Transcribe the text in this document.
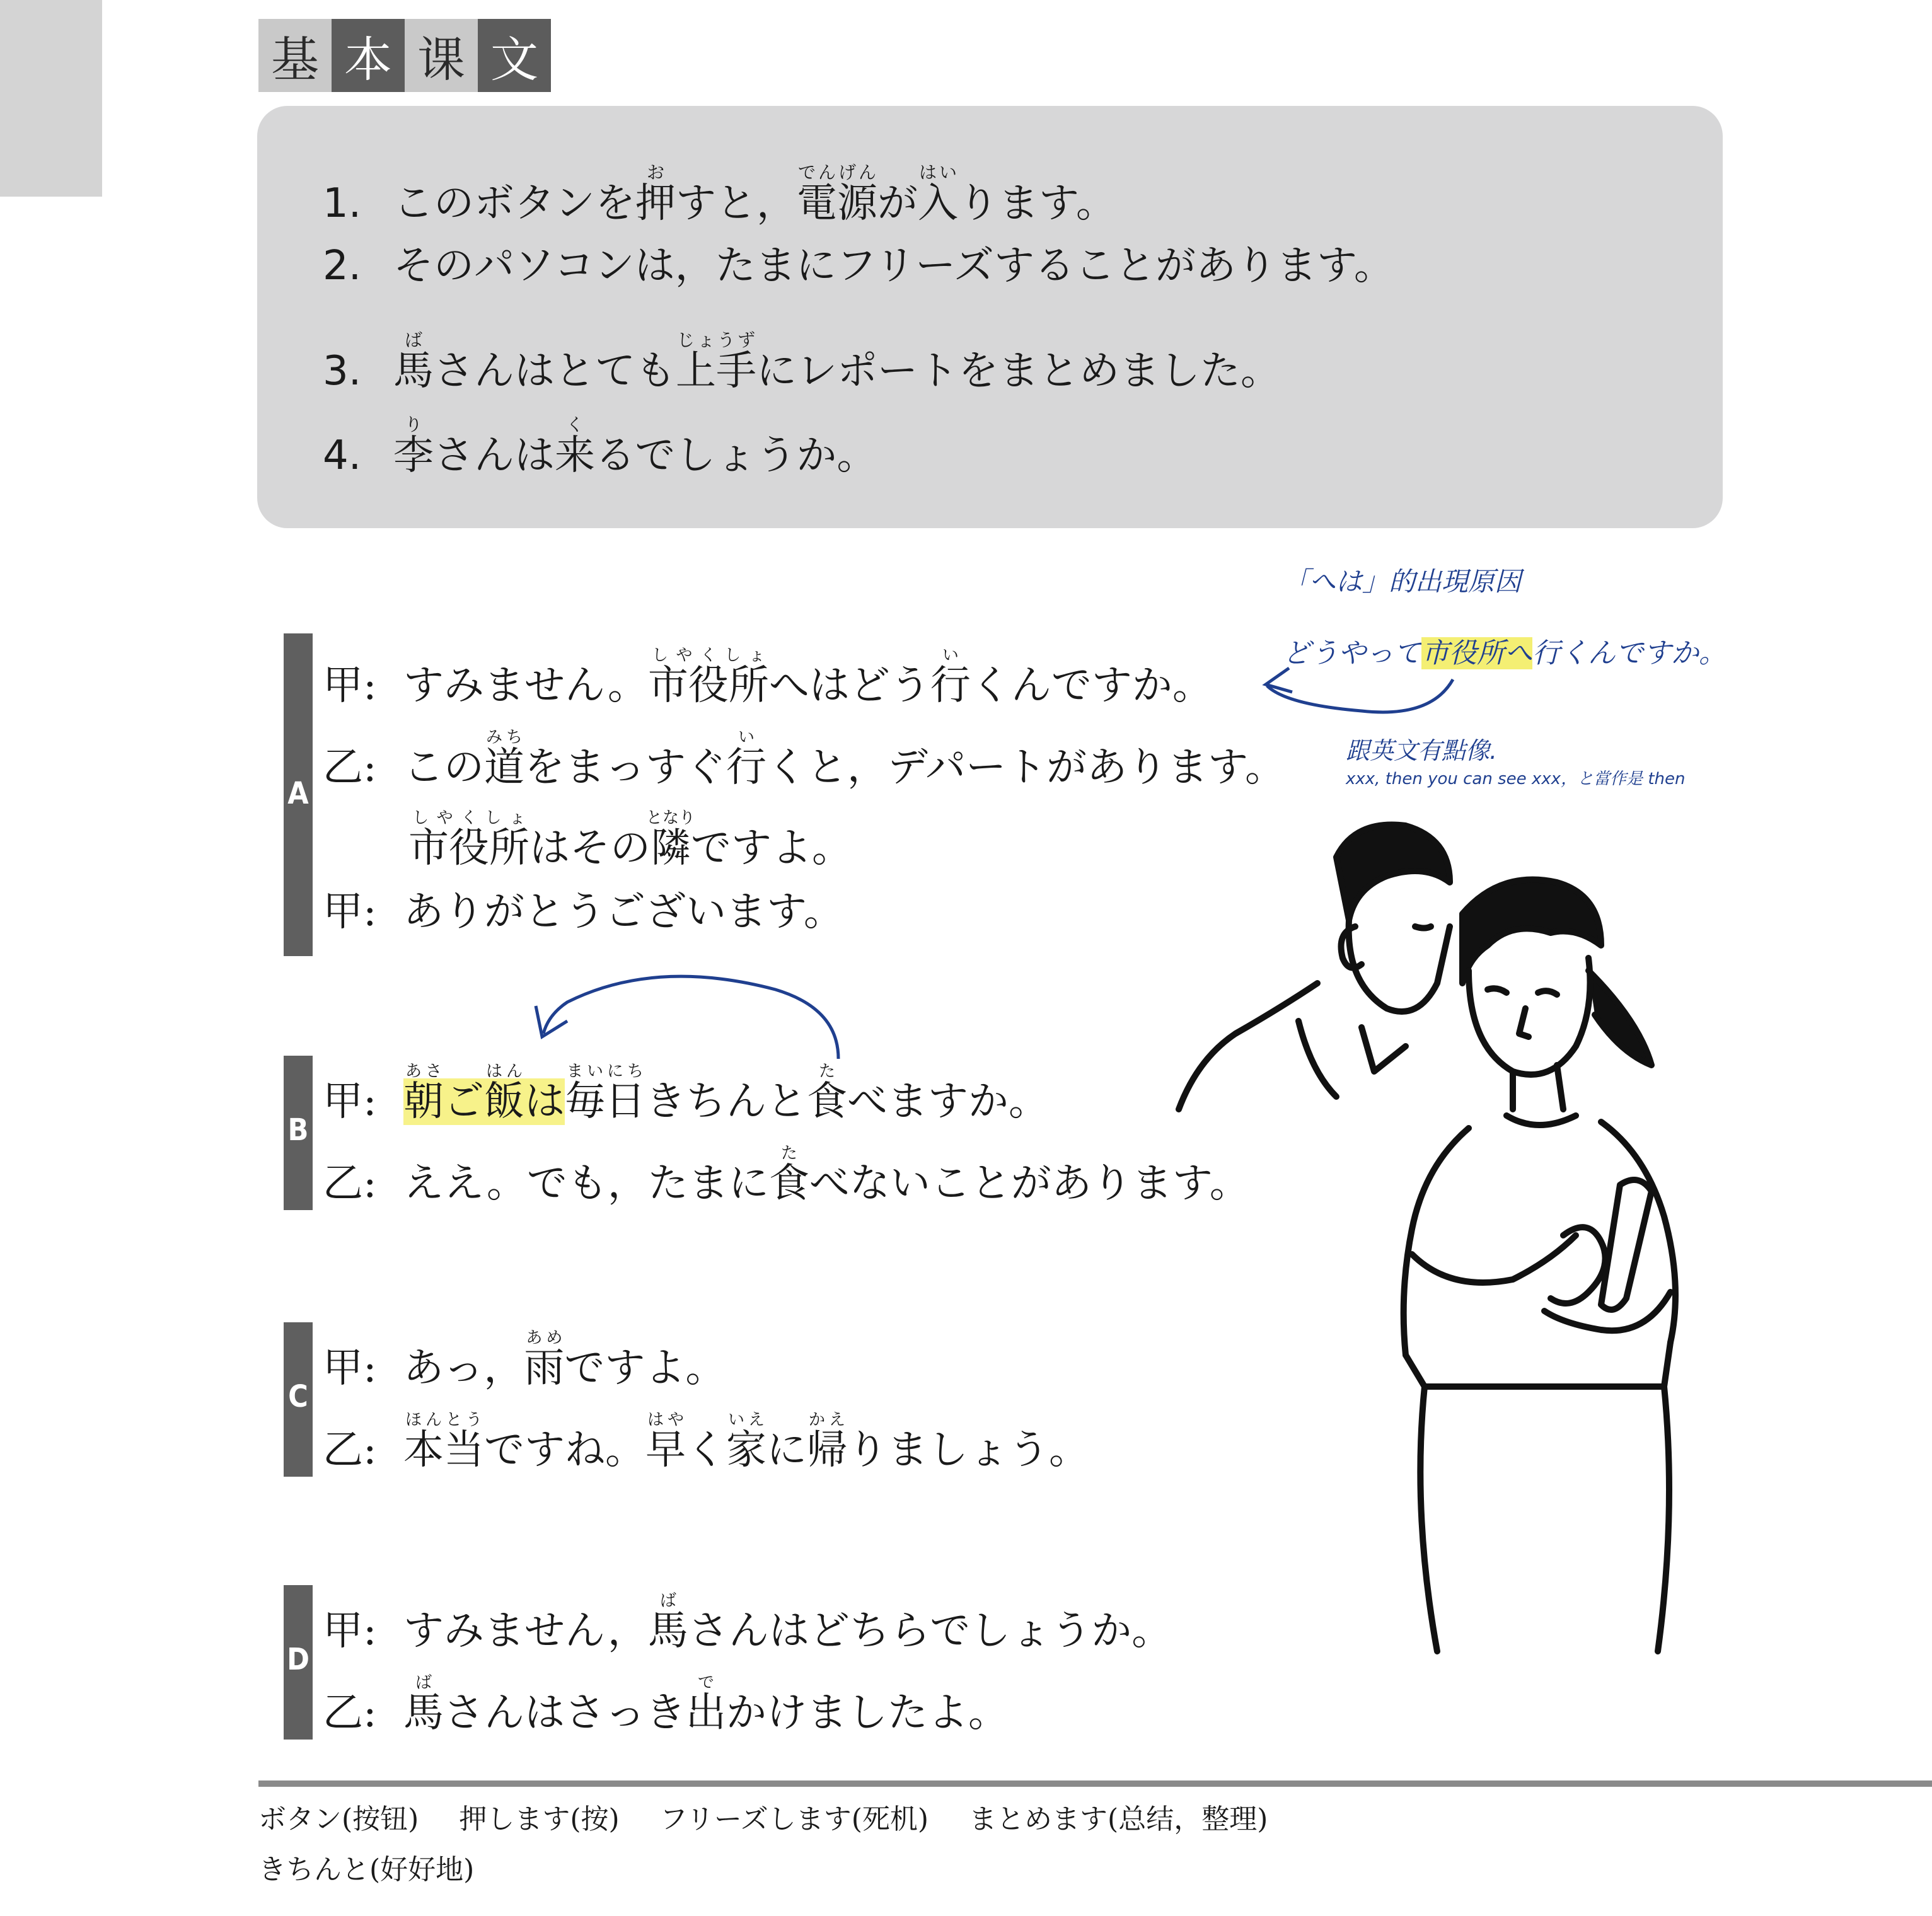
基 本 课 文
1. このボタンを押おすと，電源でんげんが入はいります。
2. そのパソコンは，たまにフリーズすることがあります。
3. 馬ばさんはとても上手じょうずにレポートをまとめました。
4. 李りさんは来くるでしょうか。
A
甲: すみません。市役所しやくしょへはどう行いくんですか。
乙: この道みちをまっすぐ行いくと，デパートがあります。
市役所しやくしょはその隣となりですよ。
甲: ありがとうございます。
B
甲: 朝あさご飯はんは毎日まいにちきちんと食たべますか。
乙: ええ。でも，たまに食たべないことがあります。
C
甲: あっ，雨あめですよ。
乙: 本当ほんとうですね。早はやく家いえに帰かえりましょう。
D
甲: すみません，馬ばさんはどちらでしょうか。
乙: 馬ばさんはさっき出でかけましたよ。
「へは」的出現原因
どうやって市役所へ行くんですか。
跟英文有點像.
xxx, then you can see xxx，と當作是 then
ボタン(按钮) 押します(按) フリーズします(死机) まとめます(总结，整理)
きちんと(好好地)
